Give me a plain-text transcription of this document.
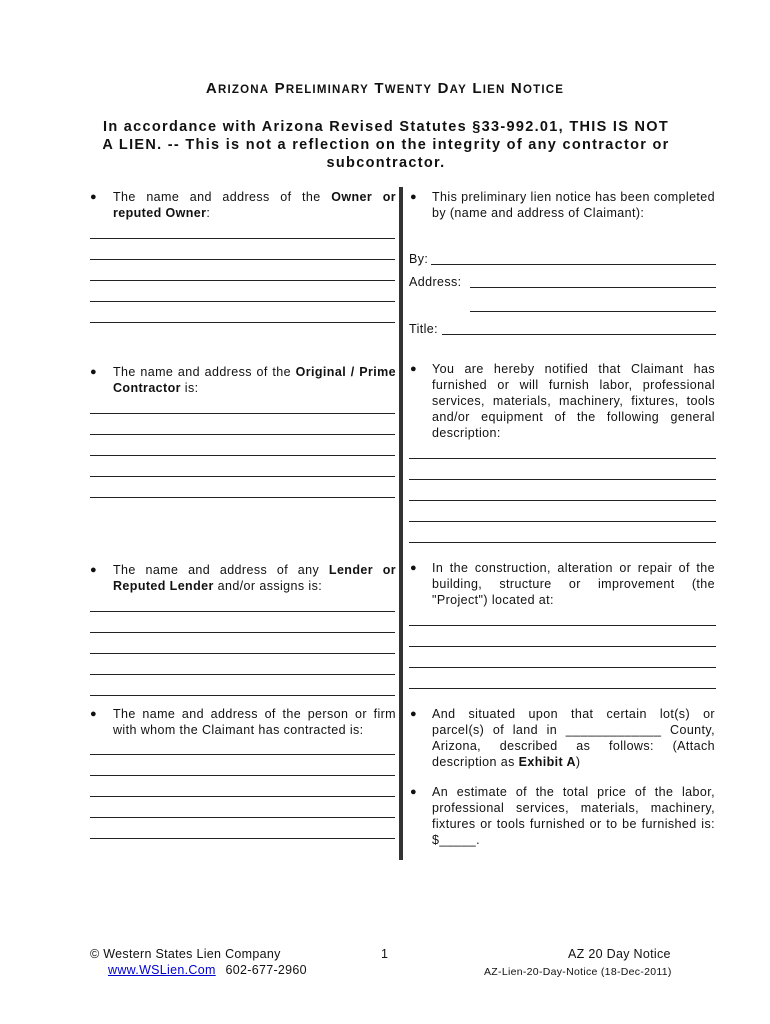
ARIZONA PRELIMINARY TWENTY DAY LIEN NOTICE
In accordance with Arizona Revised Statutes §33-992.01, THIS IS NOT A LIEN. -- This is not a reflection on the integrity of any contractor or subcontractor.
● The name and address of the Owner or reputed Owner:
● The name and address of the Original / Prime Contractor is:
● The name and address of any Lender or Reputed Lender and/or assigns is:
● The name and address of the person or firm with whom the Claimant has contracted is:
● This preliminary lien notice has been completed by (name and address of Claimant):
By:
Address:
Title:
● You are hereby notified that Claimant has furnished or will furnish labor, professional services, materials, machinery, fixtures, tools and/or equipment of the following general description:
● In the construction, alteration or repair of the building, structure or improvement (the "Project") located at:
● And situated upon that certain lot(s) or parcel(s) of land in _____________ County, Arizona, described as follows: (Attach description as Exhibit A)
● An estimate of the total price of the labor, professional services, materials, machinery, fixtures or tools furnished or to be furnished is: $_____.
© Western States Lien Company
www.WSLien.Com 602-677-2960
1	AZ 20 Day Notice
AZ-Lien-20-Day-Notice (18-Dec-2011)
